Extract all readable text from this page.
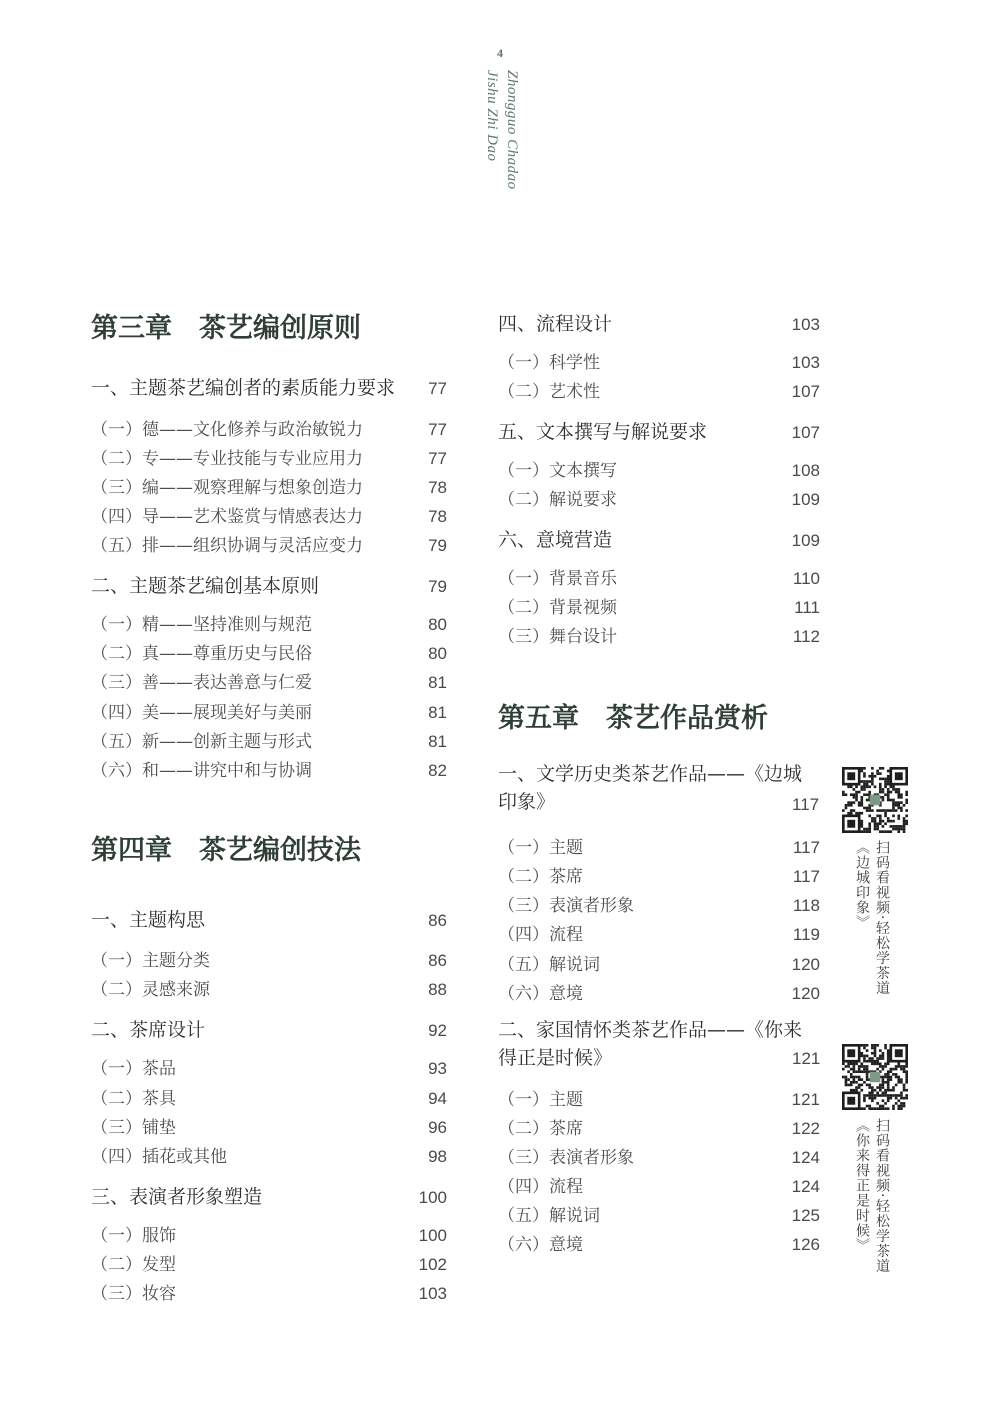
4
Zhongguo Chadao
Jishu Zhi Dao
第三章　茶艺编创原则
一、主题茶艺编创者的素质能力要求 77
（一）德——文化修养与政治敏锐力	77
（二）专——专业技能与专业应用力	77
（三）编——观察理解与想象创造力	78
（四）导——艺术鉴赏与情感表达力	78
（五）排——组织协调与灵活应变力	79
二、主题茶艺编创基本原则	79
（一）精——坚持准则与规范	80
（二）真——尊重历史与民俗	80
（三）善——表达善意与仁爱	81
（四）美——展现美好与美丽	81
（五）新——创新主题与形式	81
（六）和——讲究中和与协调	82
第四章　茶艺编创技法
一、主题构思	86
（一）主题分类	86
（二）灵感来源	88
二、茶席设计	92
（一）茶品	93
（二）茶具	94
（三）铺垫	96
（四）插花或其他	98
三、表演者形象塑造	100
（一）服饰	100
（二）发型	102
（三）妆容	103
四、流程设计	103
（一）科学性	103
（二）艺术性	107
五、文本撰写与解说要求	107
（一）文本撰写	108
（二）解说要求	109
六、意境营造	109
（一）背景音乐	110
（二）背景视频	111
（三）舞台设计	112
第五章　茶艺作品赏析
一、文学历史类茶艺作品——《边城
印象》	117
（一）主题	117
（二）茶席	117
（三）表演者形象	118
（四）流程	119
（五）解说词	120
（六）意境	120
二、家国情怀类茶艺作品——《你来
得正是时候》	121
（一）主题	121
（二）茶席	122
（三）表演者形象	124
（四）流程	124
（五）解说词	125
（六）意境	126
扫码看视频·轻松学茶道
《边城印象》
扫码看视频·轻松学茶道
《你来得正是时候》
